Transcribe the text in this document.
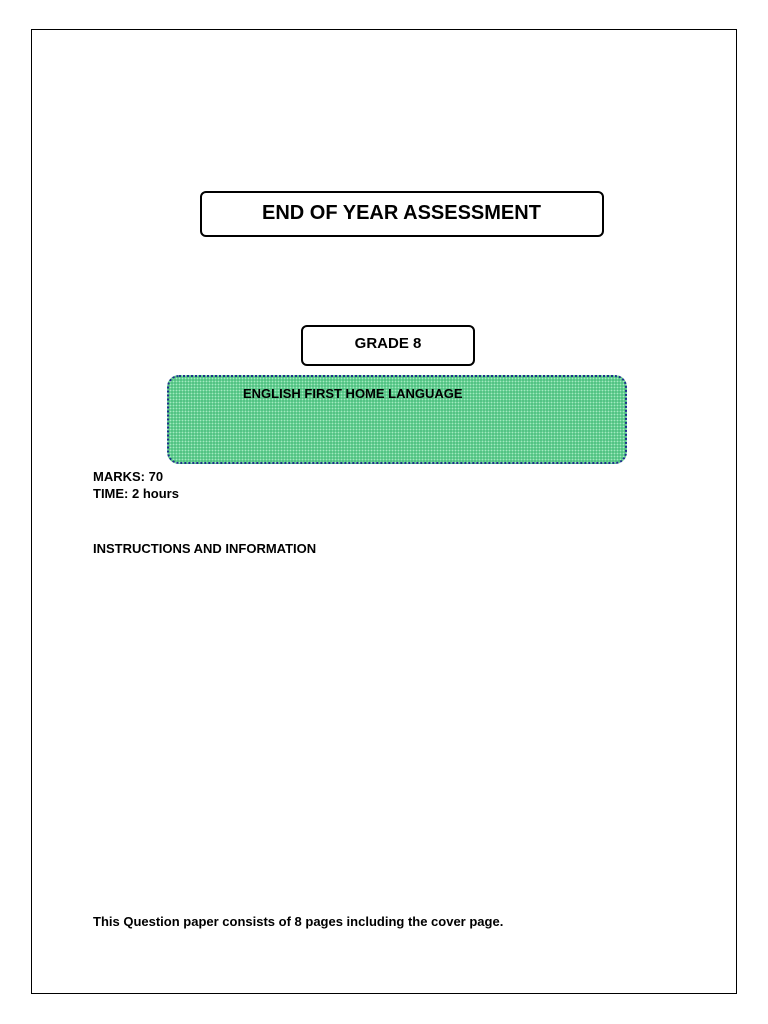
END OF YEAR ASSESSMENT
GRADE 8
ENGLISH FIRST HOME LANGUAGE
MARKS: 70
TIME: 2 hours
INSTRUCTIONS AND INFORMATION
This Question paper consists of 8 pages including the cover page.
